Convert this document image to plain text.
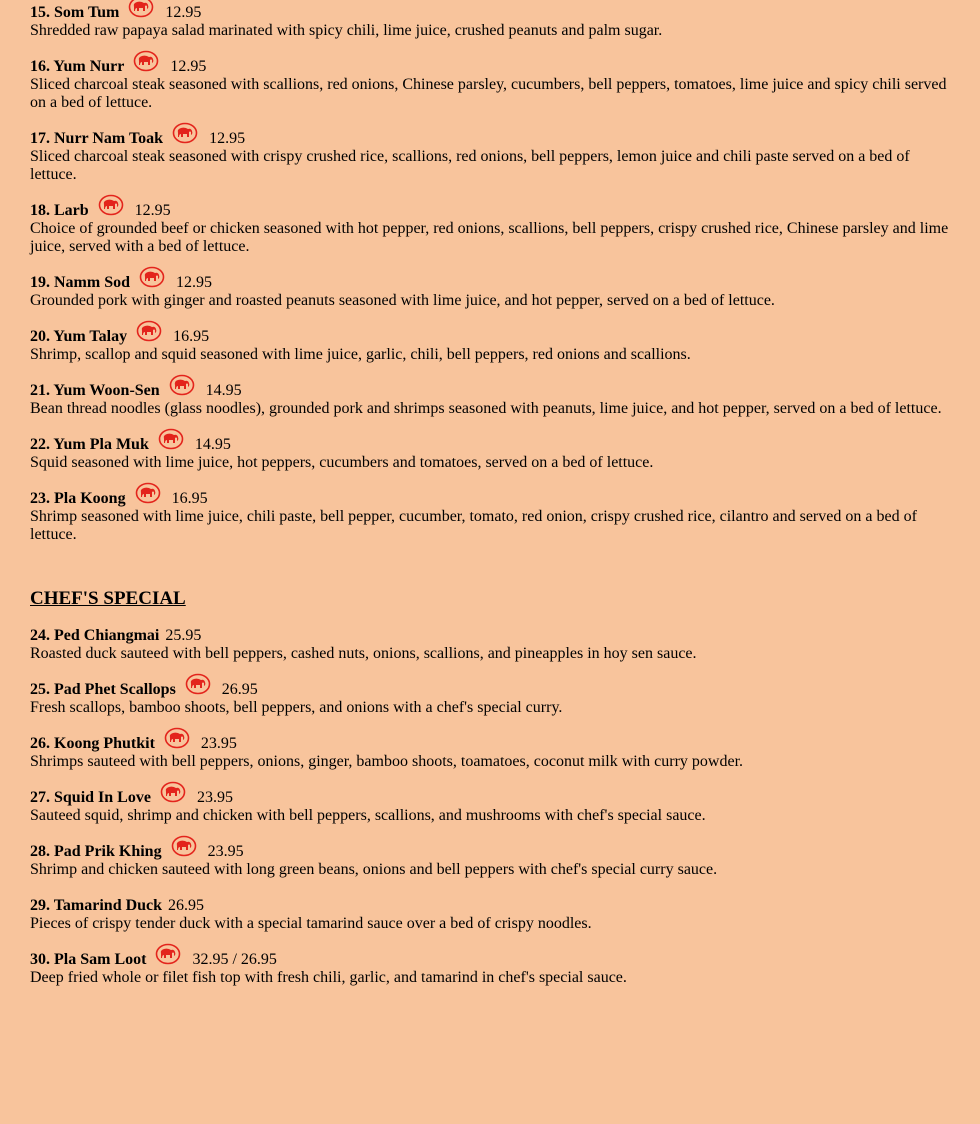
15. Som Tum	12.95
Shredded raw papaya salad marinated with spicy chili, lime juice, crushed peanuts and palm sugar.
16. Yum Nurr	12.95
Sliced charcoal steak seasoned with scallions, red onions, Chinese parsley, cucumbers, bell peppers, tomatoes, lime juice and spicy chili served on a bed of lettuce.
17. Nurr Nam Toak	12.95
Sliced charcoal steak seasoned with crispy crushed rice, scallions, red onions, bell peppers, lemon juice and chili paste served on a bed of lettuce.
18. Larb	12.95
Choice of grounded beef or chicken seasoned with hot pepper, red onions, scallions, bell peppers, crispy crushed rice, Chinese parsley and lime juice, served with a bed of lettuce.
19. Namm Sod	12.95
Grounded pork with ginger and roasted peanuts seasoned with lime juice, and hot pepper, served on a bed of lettuce.
20. Yum Talay	16.95
Shrimp, scallop and squid seasoned with lime juice, garlic, chili, bell peppers, red onions and scallions.
21. Yum Woon-Sen	14.95
Bean thread noodles (glass noodles), grounded pork and shrimps seasoned with peanuts, lime juice, and hot pepper, served on a bed of lettuce.
22. Yum Pla Muk	14.95
Squid seasoned with lime juice, hot peppers, cucumbers and tomatoes, served on a bed of lettuce.
23. Pla Koong	16.95
Shrimp seasoned with lime juice, chili paste, bell pepper, cucumber, tomato, red onion, crispy crushed rice, cilantro and served on a bed of lettuce.
CHEF'S SPECIAL
24. Ped Chiangmai 25.95
Roasted duck sauteed with bell peppers, cashed nuts, onions, scallions, and pineapples in hoy sen sauce.
25. Pad Phet Scallops	26.95
Fresh scallops, bamboo shoots, bell peppers, and onions with a chef's special curry.
26. Koong Phutkit	23.95
Shrimps sauteed with bell peppers, onions, ginger, bamboo shoots, toamatoes, coconut milk with curry powder.
27. Squid In Love	23.95
Sauteed squid, shrimp and chicken with bell peppers, scallions, and mushrooms with chef's special sauce.
28. Pad Prik Khing	23.95
Shrimp and chicken sauteed with long green beans, onions and bell peppers with chef's special curry sauce.
29. Tamarind Duck 26.95
Pieces of crispy tender duck with a special tamarind sauce over a bed of crispy noodles.
30. Pla Sam Loot	32.95 / 26.95
Deep fried whole or filet fish top with fresh chili, garlic, and tamarind in chef's special sauce.
